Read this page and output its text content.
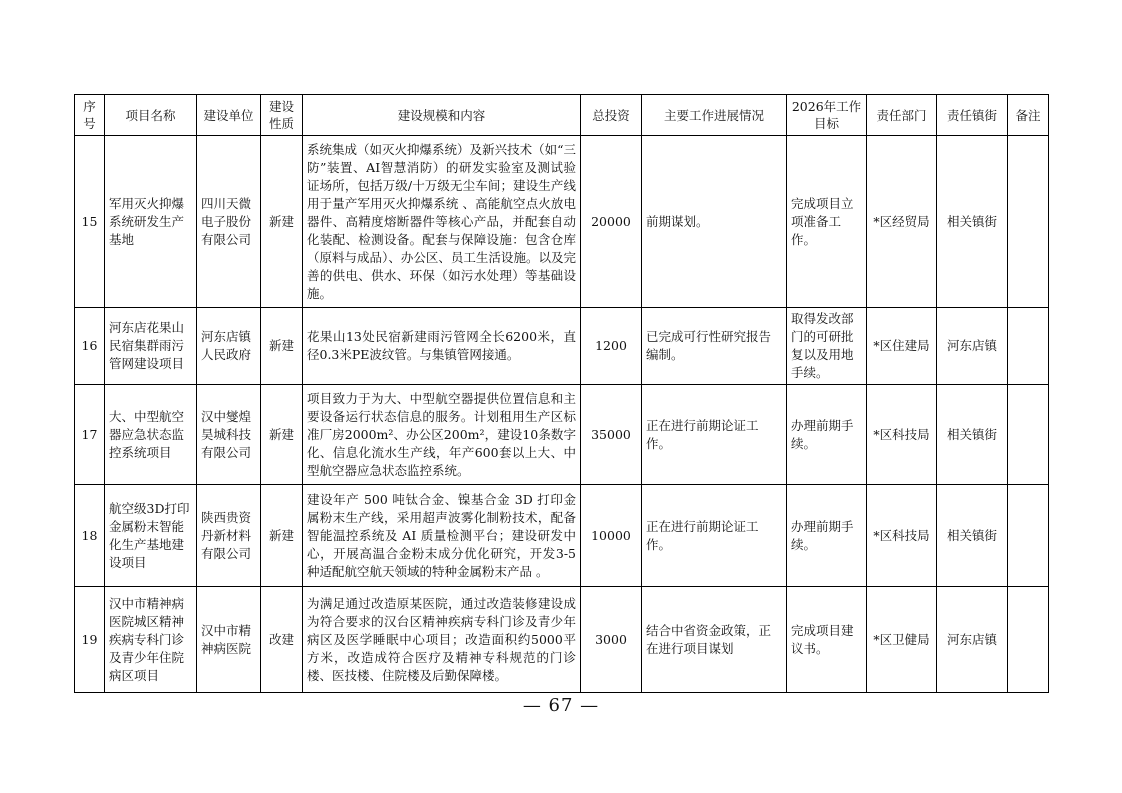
序号	项目名称	建设单位	建设性质	建设规模和内容	总投资	主要工作进展情况	2026年工作目标	责任部门	责任镇街	备注
15	军用灭火抑爆系统研发生产基地	四川天微电子股份有限公司	新建	系统集成（如灭火抑爆系统）及新兴技术（如“三防”装置、AI智慧消防）的研发实验室及测试验证场所，包括万级/十万级无尘车间；建设生产线用于量产军用灭火抑爆系统 、高能航空点火放电器件、高精度熔断器件等核心产品，并配套自动化装配、检测设备。配套与保障设施：包含仓库（原料与成品）、办公区、员工生活设施。以及完善的供电、供水、环保（如污水处理）等基础设施。	20000	前期谋划。	完成项目立项准备工作。	*区经贸局	相关镇街	
16	河东店花果山民宿集群雨污管网建设项目	河东店镇人民政府	新建	花果山13处民宿新建雨污管网全长6200米，直径0.3米PE波纹管。与集镇管网接通。	1200	已完成可行性研究报告编制。	取得发改部门的可研批复以及用地手续。	*区住建局	河东店镇	
17	大、中型航空器应急状态监控系统项目	汉中燮煌昊城科技有限公司	新建	项目致力于为大、中型航空器提供位置信息和主要设备运行状态信息的服务。计划租用生产区标准厂房2000m²、办公区200m²，建设10条数字化、信息化流水生产线，年产600套以上大、中型航空器应急状态监控系统。	35000	正在进行前期论证工作。	办理前期手续。	*区科技局	相关镇街	
18	航空级3D打印金属粉末智能化生产基地建设项目	陕西贵资丹新材料有限公司	新建	建设年产 500 吨钛合金、镍基合金 3D 打印金属粉末生产线，采用超声波雾化制粉技术，配备智能温控系统及 AI 质量检测平台；建设研发中心，开展高温合金粉末成分优化研究，开发3-5种适配航空航天领域的特种金属粉末产品 。	10000	正在进行前期论证工作。	办理前期手续。	*区科技局	相关镇街	
19	汉中市精神病医院城区精神疾病专科门诊及青少年住院病区项目	汉中市精神病医院	改建	为满足通过改造原某医院，通过改造装修建设成为符合要求的汉台区精神疾病专科门诊及青少年病区及医学睡眠中心项目；改造面积约5000平方米，改造成符合医疗及精神专科规范的门诊楼、医技楼、住院楼及后勤保障楼。	3000	结合中省资金政策，正在进行项目谋划	完成项目建议书。	*区卫健局	河东店镇	
— 67 —
